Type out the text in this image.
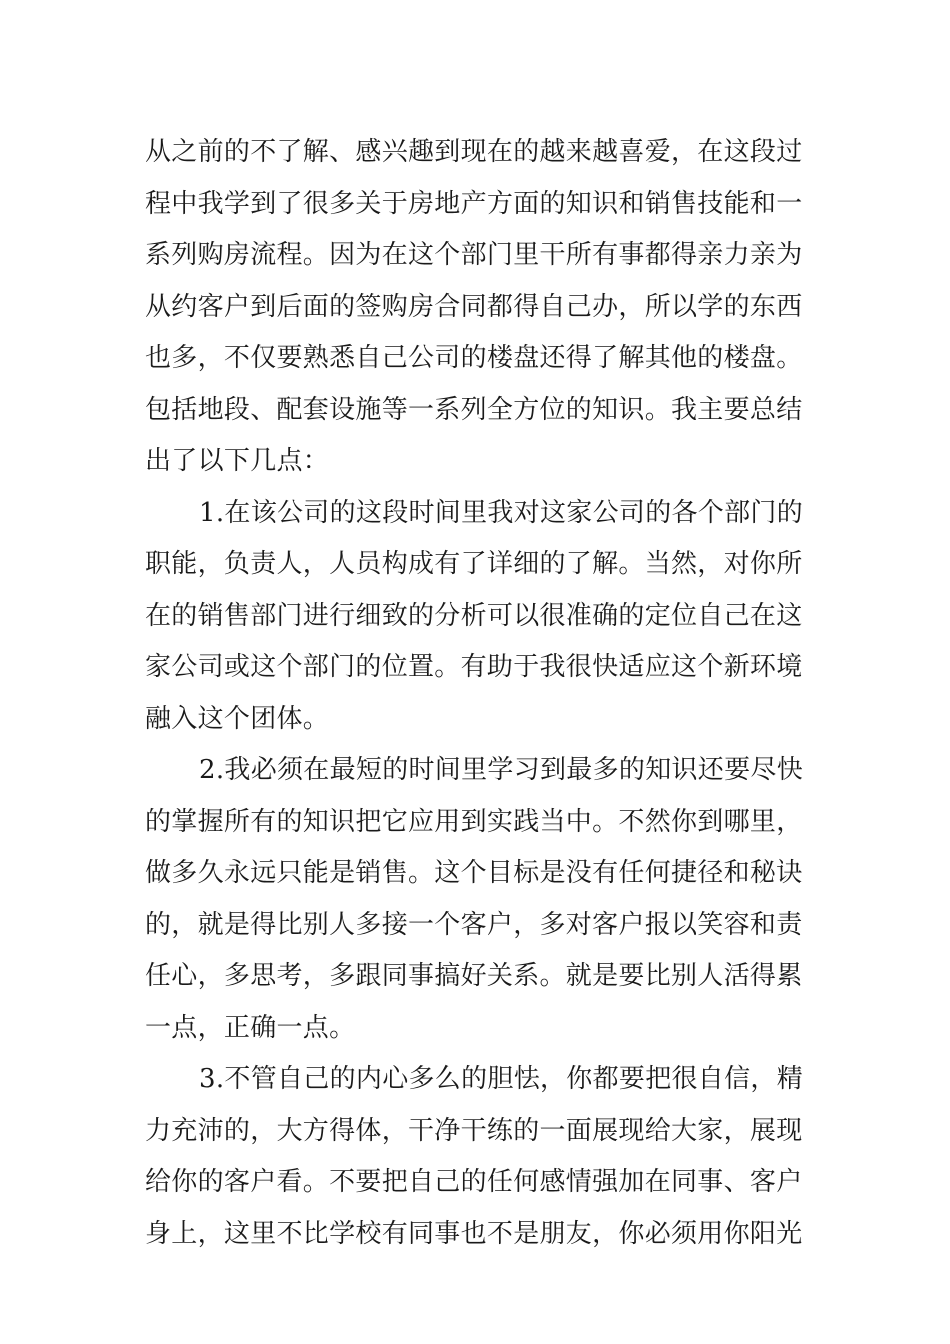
从之前的不了解、感兴趣到现在的越来越喜爱，在这段过
程中我学到了很多关于房地产方面的知识和销售技能和一
系列购房流程。因为在这个部门里干所有事都得亲力亲为
从约客户到后面的签购房合同都得自己办，所以学的东西
也多，不仅要熟悉自己公司的楼盘还得了解其他的楼盘。
包括地段、配套设施等一系列全方位的知识。我主要总结
出了以下几点：
1.在该公司的这段时间里我对这家公司的各个部门的
职能，负责人，人员构成有了详细的了解。当然，对你所
在的销售部门进行细致的分析可以很准确的定位自己在这
家公司或这个部门的位置。有助于我很快适应这个新环境
融入这个团体。
2.我必须在最短的时间里学习到最多的知识还要尽快
的掌握所有的知识把它应用到实践当中。不然你到哪里，
做多久永远只能是销售。这个目标是没有任何捷径和秘诀
的，就是得比别人多接一个客户，多对客户报以笑容和责
任心，多思考，多跟同事搞好关系。就是要比别人活得累
一点，正确一点。
3.不管自己的内心多么的胆怯，你都要把很自信，精
力充沛的，大方得体，干净干练的一面展现给大家，展现
给你的客户看。不要把自己的任何感情强加在同事、客户
身上，这里不比学校有同事也不是朋友，你必须用你阳光
